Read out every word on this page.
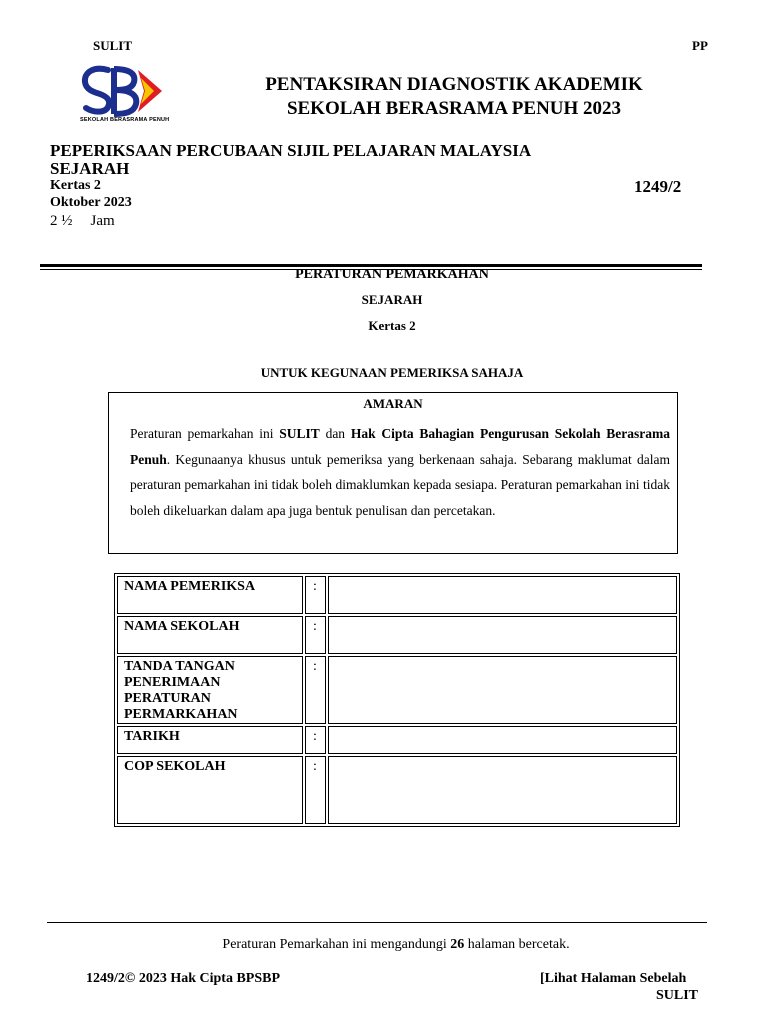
SULIT	PP
SEKOLAH BERASRAMA PENUH
PENTAKSIRAN DIAGNOSTIK AKADEMIK
SEKOLAH BERASRAMA PENUH 2023
PEPERIKSAAN PERCUBAAN SIJIL PELAJARAN MALAYSIA
SEJARAH
Kertas 2	1249/2
Oktober 2023
2 ½ Jam
PERATURAN PEMARKAHAN
SEJARAH
Kertas 2
UNTUK KEGUNAAN PEMERIKSA SAHAJA
AMARAN
Peraturan pemarkahan ini SULIT dan Hak Cipta Bahagian Pengurusan Sekolah Berasrama Penuh. Kegunaanya khusus untuk pemeriksa yang berkenaan sahaja. Sebarang maklumat dalam peraturan pemarkahan ini tidak boleh dimaklumkan kepada sesiapa. Peraturan pemarkahan ini tidak boleh dikeluarkan dalam apa juga bentuk penulisan dan percetakan.
NAMA PEMERIKSA	:	
NAMA SEKOLAH	:	
TANDA TANGAN PENERIMAAN PERATURAN PERMARKAHAN	:	
TARIKH	:	
COP SEKOLAH	:	
Peraturan Pemarkahan ini mengandungi 26 halaman bercetak.
1249/2© 2023 Hak Cipta BPSBP	[Lihat Halaman Sebelah
SULIT
